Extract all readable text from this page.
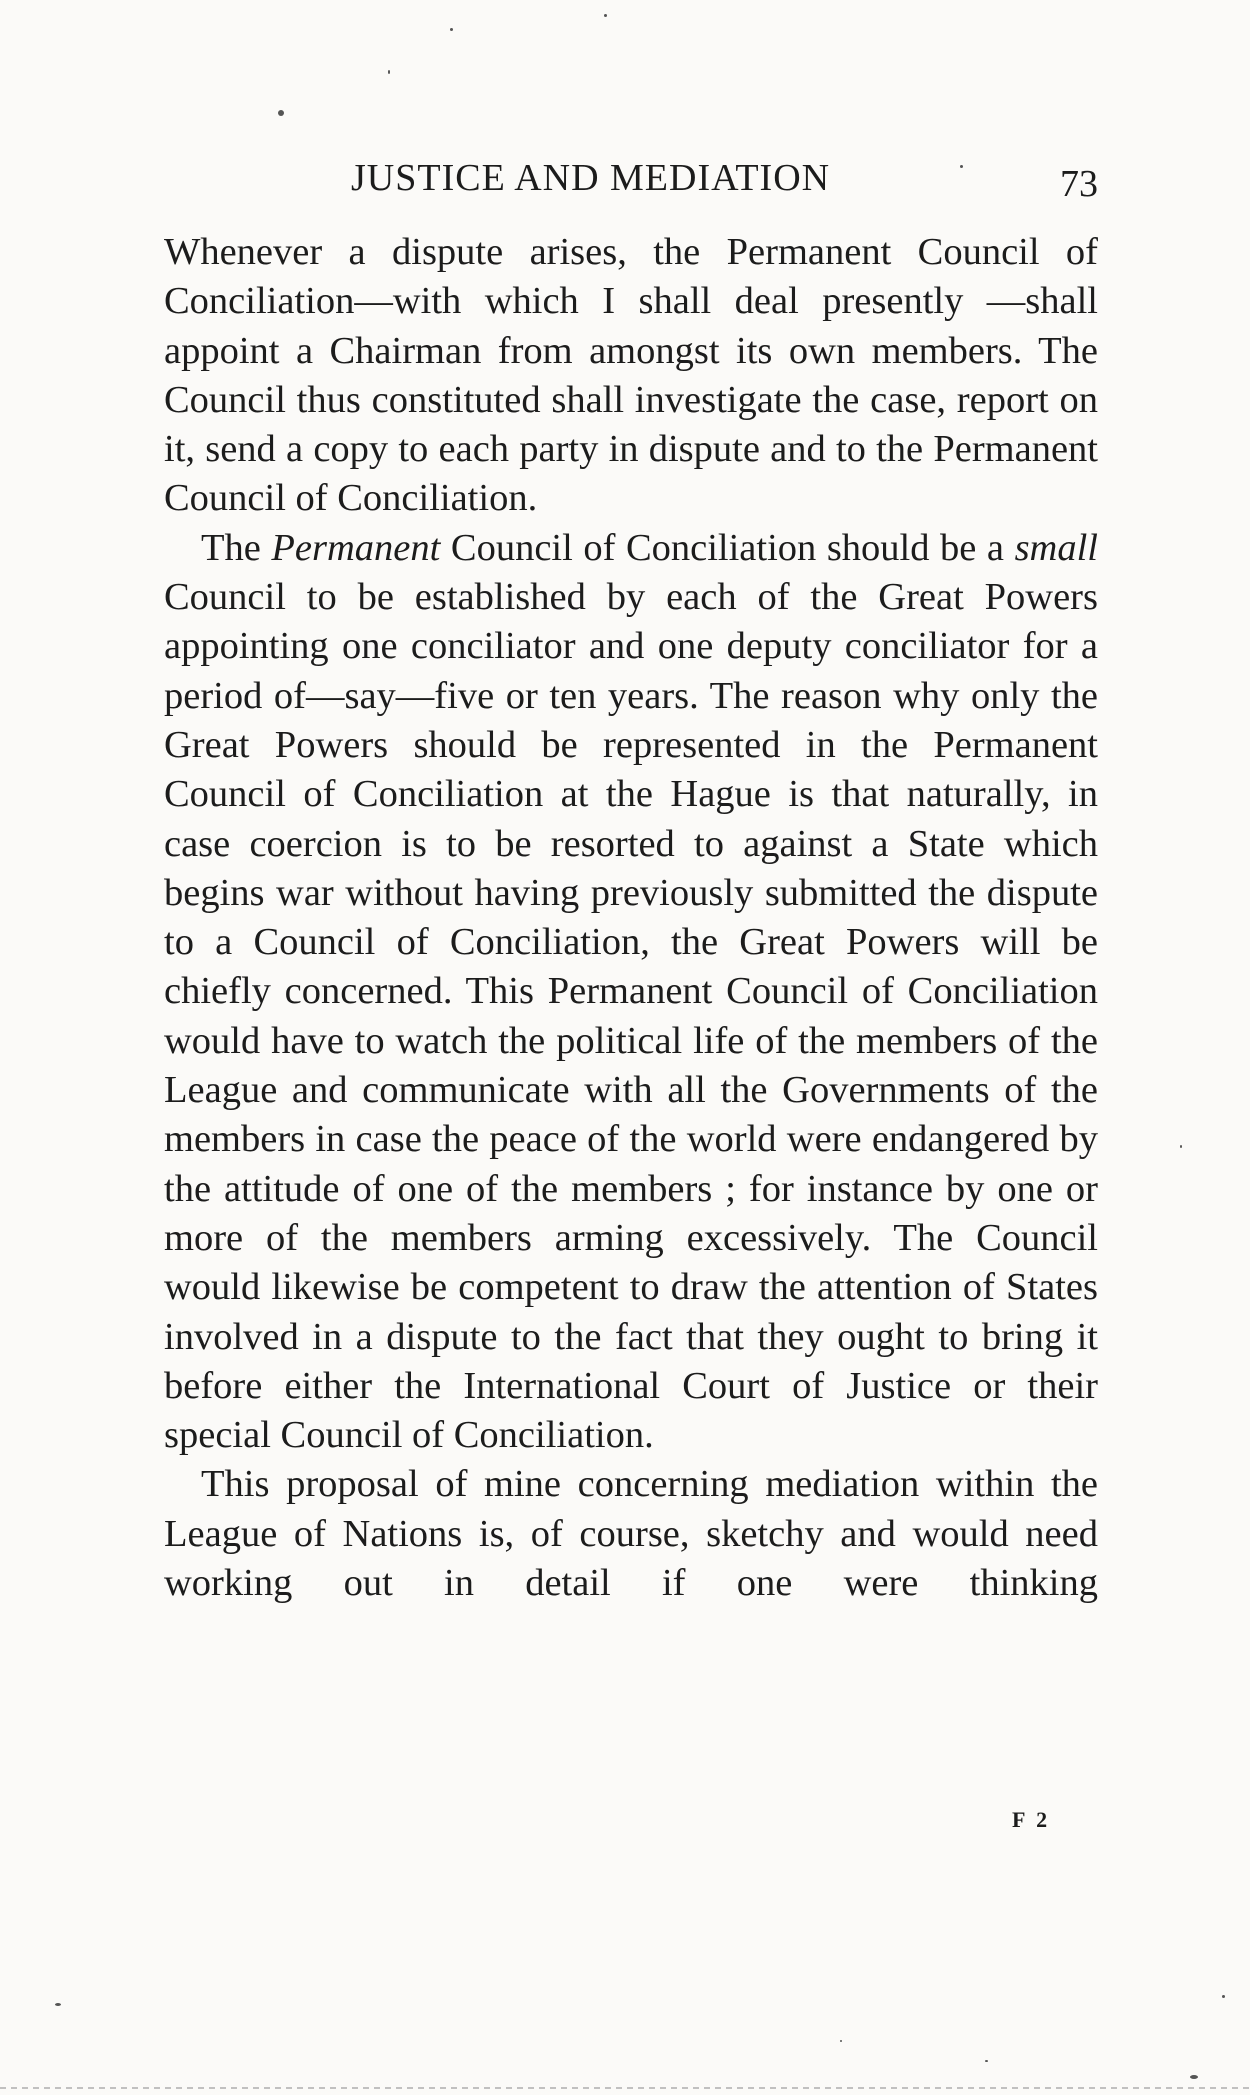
JUSTICE AND MEDIATION	73

Whenever a dispute arises, the Permanent Council of Conciliation—with which I shall deal presently —shall appoint a Chairman from amongst its own members. The Council thus constituted shall investigate the case, report on it, send a copy to each party in dispute and to the Permanent Council of Conciliation.

The Permanent Council of Conciliation should be a small Council to be established by each of the Great Powers appointing one conciliator and one deputy conciliator for a period of—say—five or ten years. The reason why only the Great Powers should be represented in the Permanent Council of Conciliation at the Hague is that naturally, in case coercion is to be resorted to against a State which begins war without having previously submitted the dispute to a Council of Conciliation, the Great Powers will be chiefly concerned. This Permanent Council of Conciliation would have to watch the political life of the members of the League and communicate with all the Governments of the members in case the peace of the world were endangered by the attitude of one of the members ; for instance by one or more of the members arming excessively. The Council would likewise be competent to draw the attention of States involved in a dispute to the fact that they ought to bring it before either the International Court of Justice or their special Council of Conciliation.

This proposal of mine concerning mediation within the League of Nations is, of course, sketchy and would need working out in detail if one were thinking

F 2
